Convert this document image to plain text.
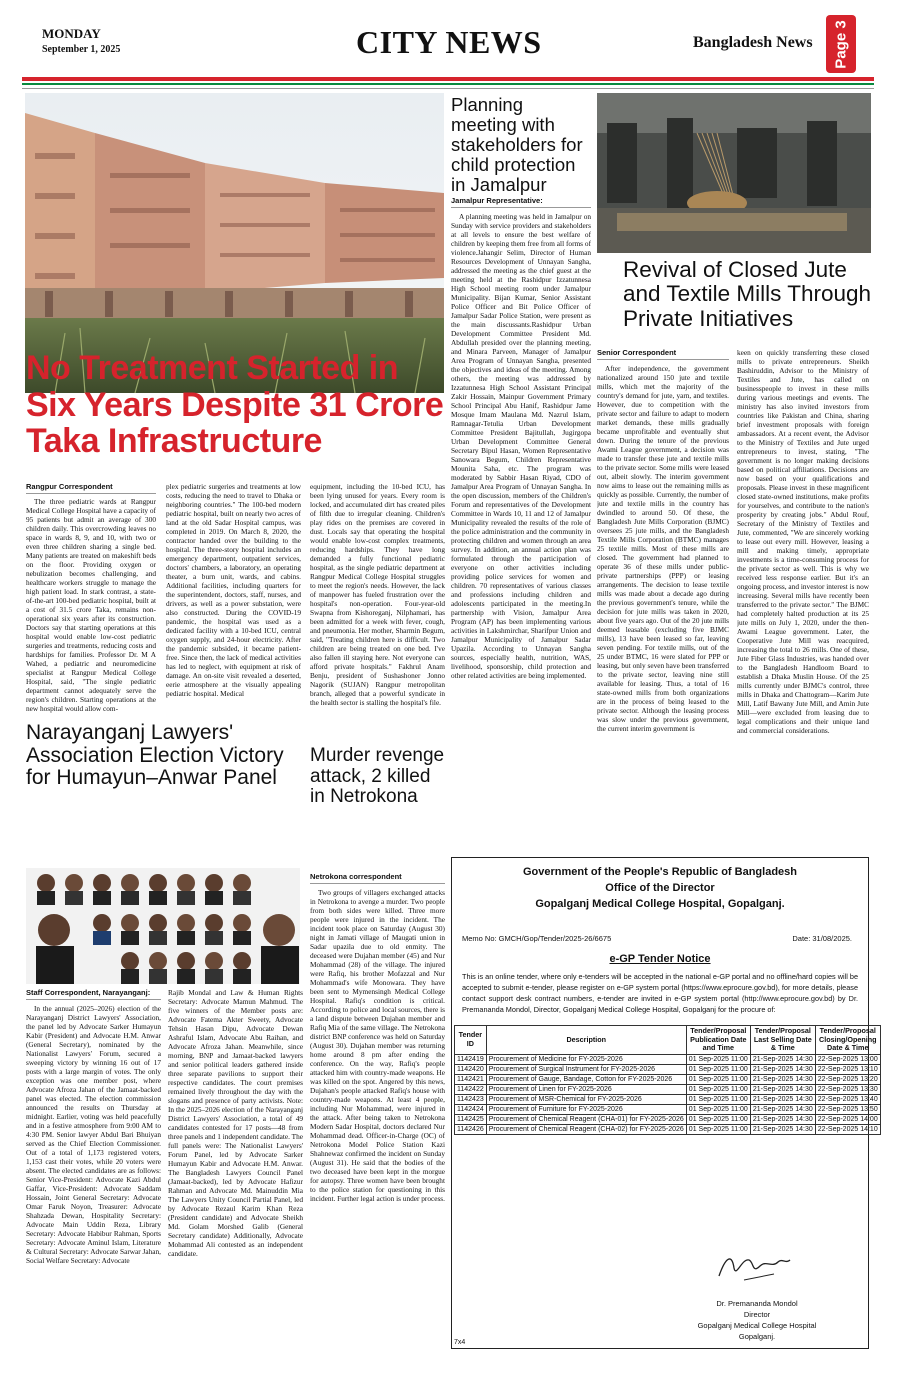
MONDAY
September 1, 2025	CITY NEWS	Bangladesh News Page 3
No Treatment Started in Six Years Despite 31 Crore Taka Infrastructure
Rangpur Correspondent
The three pediatric wards at Rangpur Medical College Hospital have a capacity of 95 patients but admit an average of 300 children daily. This overcrowding leaves no space in wards 8, 9, and 10, with two or even three children sharing a single bed. Many patients are treated on makeshift beds on the floor. Providing oxygen or nebulization becomes challenging, and healthcare workers struggle to manage the high patient load. In stark contrast, a state-of-the-art 100-bed pediatric hospital, built at a cost of 31.5 crore Taka, remains non-operational six years after its construction. Doctors say that starting operations at this hospital would enable low-cost pediatric surgeries and treatments, reducing costs and hardships for families. Professor Dr. M A Wahed, a pediatric and neuromedicine specialist at Rangpur Medical College Hospital, said, "The single pediatric department cannot adequately serve the region's children. Starting operations at the new hospital would allow com-
plex pediatric surgeries and treatments at low costs, reducing the need to travel to Dhaka or neighboring countries." The 100-bed modern pediatric hospital, built on nearly two acres of land at the old Sadar Hospital campus, was completed in 2019. On March 8, 2020, the contractor handed over the building to the hospital. The three-story hospital includes an emergency department, outpatient services, doctors' chambers, a laboratory, an operating theater, a burn unit, wards, and cabins. Additional facilities, including quarters for the superintendent, doctors, staff, nurses, and drivers, as well as a power substation, were also constructed. During the COVID-19 pandemic, the hospital was used as a dedicated facility with a 10-bed ICU, central oxygen supply, and 24-hour electricity. After the pandemic subsided, it became patient-free. Since then, the lack of medical activities has led to neglect, with equipment at risk of damage. An on-site visit revealed a deserted, eerie atmosphere at the visually appealing pediatric hospital. Medical
equipment, including the 10-bed ICU, has been lying unused for years. Every room is locked, and accumulated dirt has created piles of filth due to irregular cleaning. Children's play rides on the premises are covered in dust. Locals say that operating the hospital would enable low-cost complex treatments, reducing hardships. They have long demanded a fully functional pediatric hospital, as the single pediatric department at Rangpur Medical College Hospital struggles to meet the region's needs. However, the lack of manpower has fueled frustration over the hospital's non-operation. Four-year-old Swapna from Kishoreganj, Nilphamari, has been admitted for a week with fever, cough, and pneumonia. Her mother, Sharmin Begum, said, "Treating children here is difficult. Two children are being treated on one bed. I've also fallen ill staying here. Not everyone can afford private hospitals." Fakhrul Anam Benju, president of Sushashoner Jonno Nagorik (SUJAN) Rangpur metropolitan branch, alleged that a powerful syndicate in the health sector is stalling the hospital's file.
Planning meeting with stakeholders for child protection in Jamalpur
Jamalpur Representative:
A planning meeting was held in Jamalpur on Sunday with service providers and stakeholders at all levels to ensure the best welfare of children by keeping them free from all forms of violence.Jahangir Selim, Director of Human Resources Development of Unnayan Sangha, addressed the meeting as the chief guest at the meeting held at the Rashidpur Izzatunnesa High School meeting room under Jamalpur Municipality. Bijan Kumar, Senior Assistant Police Officer and Bit Police Officer of Jamalpur Sadar Police Station, were present as the main discussants.Rashidpur Urban Development Committee President Md. Abdullah presided over the planning meeting, and Minara Parveen, Manager of Jamalpur Area Program of Unnayan Sangha, presented the objectives and ideas of the meeting. Among others, the meeting was addressed by Izzatunnesa High School Assistant Principal Zakir Hossain, Mainpur Government Primary School Principal Abu Hanif, Rashidpur Jame Mosque Imam Maulana Md. Nazrul Islam, Ramnagar-Tetulia Urban Development Committee President Bajitullah, Jugirgopa Urban Development Committee General Secretary Bipul Hasan, Women Representative Sanowara Begum, Children Representative Mounita Saha, etc. The program was moderated by Sabbir Hasan Riyad, CDO of Jamalpur Area Program of Unnayan Sangha. In the open discussion, members of the Children's Forum and representatives of the Development Committee in Wards 10, 11 and 12 of Jamalpur Municipality revealed the results of the role of the police administration and the community in protecting children and women through an area survey. In addition, an annual action plan was formulated through the participation of everyone on other activities including providing police services for women and children. 70 representatives of various classes and professions including children and adolescents participated in the meeting.In partnership with Vision, Jamalpur Area Program (AP) has been implementing various activities in Lakshmirchar, Sharifpur Union and Jamalpur Municipality of Jamalpur Sadar Upazila. According to Unnayan Sangha sources, especially health, nutrition, WAS, livelihood, sponsorship, child protection and other related activities are being implemented.
Revival of Closed Jute and Textile Mills Through Private Initiatives
Senior Correspondent
After independence, the government nationalized around 150 jute and textile mills, which met the majority of the country's demand for jute, yarn, and textiles. However, due to competition with the private sector and failure to adapt to modern market demands, these mills gradually became unprofitable and eventually shut down. During the tenure of the previous Awami League government, a decision was made to transfer these jute and textile mills to the private sector. Some mills were leased out, albeit slowly. The interim government now aims to lease out the remaining mills as quickly as possible. Currently, the number of jute and textile mills in the country has dwindled to around 50. Of these, the Bangladesh Jute Mills Corporation (BJMC) oversees 25 jute mills, and the Bangladesh Textile Mills Corporation (BTMC) manages 25 textile mills. Most of these mills are closed. The government had planned to operate 36 of these mills under public-private partnerships (PPP) or leasing arrangements. The decision to lease textile mills was made about a decade ago during the previous government's tenure, while the decision for jute mills was taken in 2020, about five years ago. Out of the 20 jute mills deemed leasable (excluding five BJMC mills), 13 have been leased so far, leaving seven pending. For textile mills, out of the 25 under BTMC, 16 were slated for PPP or leasing, but only seven have been transferred to the private sector, leaving nine still available for leasing. Thus, a total of 16 state-owned mills from both organizations are in the process of being leased to the private sector. Although the leasing process was slow under the previous government, the current interim government is
keen on quickly transferring these closed mills to private entrepreneurs. Sheikh Bashiruddin, Advisor to the Ministry of Textiles and Jute, has called on businesspeople to invest in these mills during various meetings and events. The ministry has also invited investors from countries like Pakistan and China, sharing brief investment proposals with foreign ambassadors. At a recent event, the Advisor to the Ministry of Textiles and Jute urged entrepreneurs to invest, stating, "The government is no longer making decisions based on political affiliations. Decisions are now based on your qualifications and proposals. Please invest in these magnificent closed state-owned institutions, make profits for yourselves, and contribute to the nation's prosperity by creating jobs." Abdul Rouf, Secretary of the Ministry of Textiles and Jute, commented, "We are sincerely working to lease out every mill. However, leasing a mill and making timely, appropriate investments is a time-consuming process for the private sector as well. This is why we received less response earlier. But it's an ongoing process, and investor interest is now increasing. Several mills have recently been transferred to the private sector." The BJMC had completely halted production at its 25 jute mills on July 1, 2020, under the then-Awami League government. Later, the Cooperative Jute Mill was reacquired, increasing the total to 26 mills. One of these, Jute Fiber Glass Industries, was handed over to the Bangladesh Handloom Board to establish a Dhaka Muslin House. Of the 25 mills currently under BJMC's control, three mills in Dhaka and Chattogram—Karim Jute Mill, Latif Bawany Jute Mill, and Amin Jute Mill—were excluded from leasing due to legal complications and their unique land and commercial considerations.
Narayanganj Lawyers' Association Election Victory for Humayun–Anwar Panel
Staff Correspondent, Narayanganj:
In the annual (2025–2026) election of the Narayanganj District Lawyers' Association, the panel led by Advocate Sarker Humayun Kabir (President) and Advocate H.M. Anwar (General Secretary), nominated by the Nationalist Lawyers' Forum, secured a sweeping victory by winning 16 out of 17 posts with a large margin of votes. The only exception was one member post, where Advocate Afroza Jahan of the Jamaat-backed panel was elected. The election commission announced the results on Thursday at midnight. Earlier, voting was held peacefully and in a festive atmosphere from 9:00 AM to 4:30 PM. Senior lawyer Abdul Bari Bhuiyan served as the Chief Election Commissioner. Out of a total of 1,173 registered voters, 1,153 cast their votes, while 20 voters were absent. The elected candidates are as follows: Senior Vice-President: Advocate Kazi Abdul Gaffar, Vice-President: Advocate Saddam Hossain, Joint General Secretary: Advocate Omar Faruk Noyon, Treasurer: Advocate Shahzada Dewan, Hospitality Secretary: Advocate Main Uddin Reza, Library Secretary: Advocate Habibur Rahman, Sports Secretary: Advocate Aminul Islam, Literature & Cultural Secretary: Advocate Sarwar Jahan, Social Welfare Secretary: Advocate
Rajib Mondal and Law & Human Rights Secretary: Advocate Mamun Mahmud. The five winners of the Member posts are: Advocate Fatema Akter Sweety, Advocate Tehsin Hasan Dipu, Advocate Dewan Ashraful Islam, Advocate Abu Raihan, and Advocate Afroza Jahan. Meanwhile, since morning, BNP and Jamaat-backed lawyers and senior political leaders gathered inside three separate pavilions to support their respective candidates. The court premises remained lively throughout the day with the slogans and presence of party activists. Note: In the 2025–2026 election of the Narayanganj District Lawyers' Association, a total of 49 candidates contested for 17 posts—48 from three panels and 1 independent candidate. The full panels were: The Nationalist Lawyers' Forum Panel, led by Advocate Sarker Humayun Kabir and Advocate H.M. Anwar. The Bangladesh Lawyers Council Panel (Jamaat-backed), led by Advocate Hafizur Rahman and Advocate Md. Mainuddin Mia The Lawyers Unity Council Partial Panel, led by Advocate Rezaul Karim Khan Reza (President candidate) and Advocate Sheikh Md. Golam Morshed Galib (General Secretary candidate) Additionally, Advocate Mohammad Ali contested as an independent candidate.
Murder revenge attack, 2 killed in Netrokona
Netrokona correspondent
Two groups of villagers exchanged attacks in Netrokona to avenge a murder. Two people from both sides were killed. Three more people were injured in the incident. The incident took place on Saturday (August 30) night in Jamati village of Maugati union in Sadar upazila due to old enmity. The deceased were Dujahan member (45) and Nur Mohammad (28) of the village. The injured were Rafiq, his brother Mofazzal and Nur Mohammad's wife Monowara. They have been sent to Mymensingh Medical College Hospital. Rafiq's condition is critical. According to police and local sources, there is a land dispute between Dujahan member and Rafiq Mia of the same village. The Netrokona district BNP conference was held on Saturday (August 30). Dujahan member was returning home around 8 pm after ending the conference. On the way, Rafiq's people attacked him with country-made weapons. He was killed on the spot. Angered by this news, Dujahan's people attacked Rafiq's house with country-made weapons. At least 4 people, including Nur Mohammad, were injured in the attack. After being taken to Netrokona Modern Sadar Hospital, doctors declared Nur Mohammad dead. Officer-in-Charge (OC) of Netrokona Model Police Station Kazi Shahnewaz confirmed the incident on Sunday (August 31). He said that the bodies of the two deceased have been kept in the morgue for autopsy. Three women have been brought to the police station for questioning in this incident. Further legal action is under process.
Government of the People's Republic of Bangladesh
Office of the Director
Gopalganj Medical College Hospital, Gopalganj.
Memo No: GMCH/Gop/Tender/2025-26/6675	Date: 31/08/2025.
e-GP Tender Notice
This is an online tender, where only e-tenders will be accepted in the national e-GP portal and no offline/hard copies will be accepted to submit e-tender, please register on e-GP system portal (https://www.eprocure.gov.bd), for more details, please contact support desk contract numbers, e-tender are invited in e-GP system portal (http://www.eprocure.gov.bd) by Dr. Premananda Mondol, Director, Gopalganj Medical College Hospital, Gopalganj for the procure of:
Tender ID	Description	Tender/Proposal Publication Date and Time	Tender/Proposal Last Selling Date & Time	Tender/Proposal Closing/Opening Date & Time
1142419	Procurement of Medicine for FY-2025-2026	01 Sep-2025 11:00	21-Sep-2025 14:30	22-Sep-2025 13:00
1142420	Procurement of Surgical Instrument for FY-2025-2026	01 Sep-2025 11:00	21-Sep-2025 14:30	22-Sep-2025 13:10
1142421	Procurement of Gauge, Bandage, Cotton for FY-2025-2026	01 Sep-2025 11:00	21-Sep-2025 14:30	22-Sep-2025 13:20
1142422	Procurement of Linen for FY-2025-2026	01 Sep-2025 11:00	21-Sep-2025 14:30	22-Sep-2025 13:30
1142423	Procurement of MSR-Chemical for FY-2025-2026	01 Sep-2025 11:00	21-Sep-2025 14:30	22-Sep-2025 13:40
1142424	Procurement of Furniture for FY-2025-2026	01 Sep-2025 11:00	21-Sep-2025 14:30	22-Sep-2025 13:50
1142425	Procurement of Chemical Reagent (CHA-01) for FY-2025-2026	01 Sep-2025 11:00	21-Sep-2025 14:30	22-Sep-2025 14:00
1142426	Procurement of Chemical Reagent (CHA-02) for FY-2025-2026	01 Sep-2025 11:00	21-Sep-2025 14:30	22-Sep-2025 14:10
Dr. Premananda Mondol
Director
Gopalganj Medical College Hospital
Gopalganj.
7x4
